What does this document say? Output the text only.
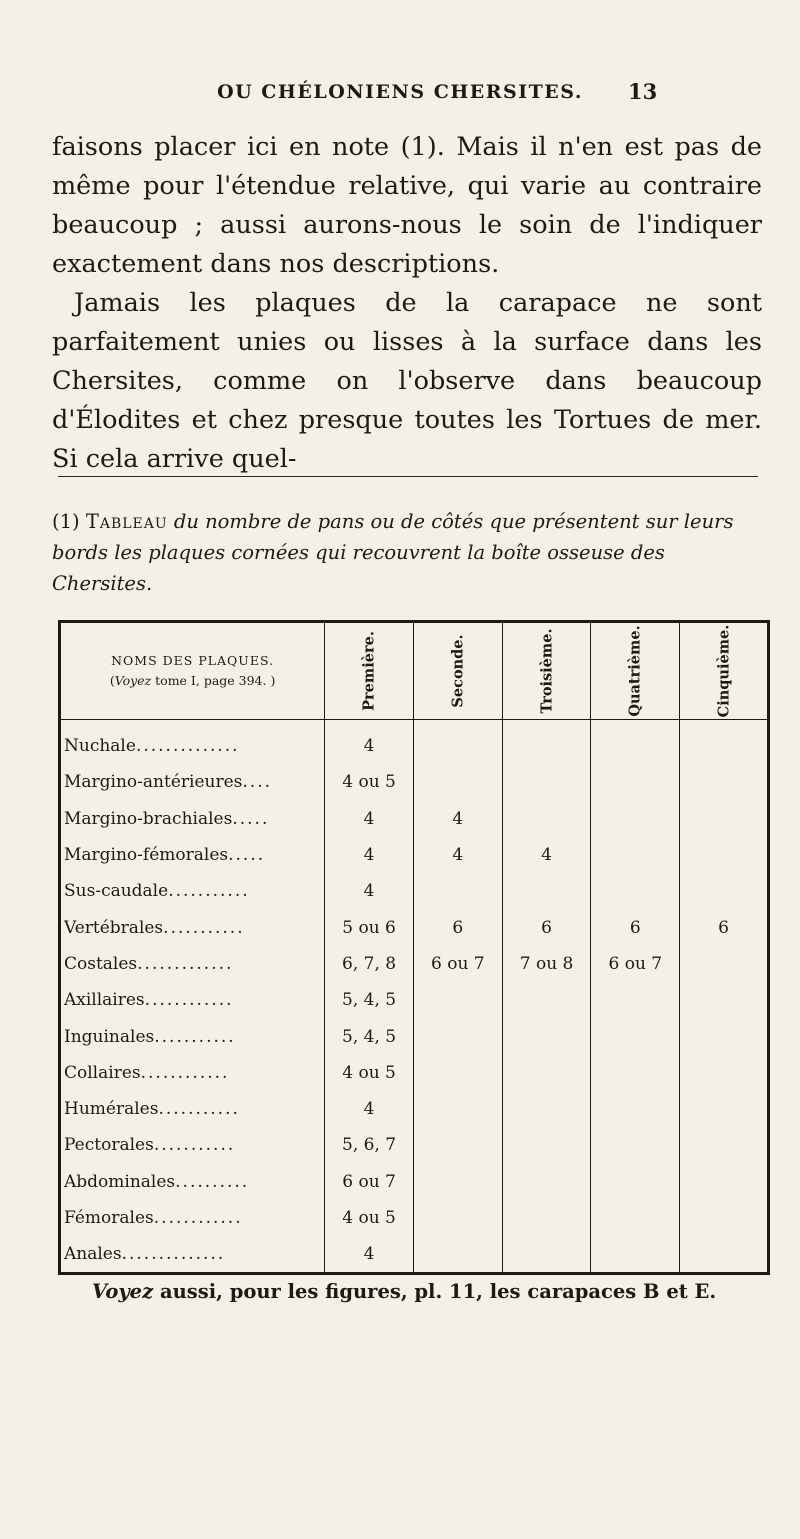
OU CHÉLONIENS CHERSITES.	13

faisons placer ici en note (1). Mais il n'en est pas de même pour l'étendue relative, qui varie au contraire beaucoup ; aussi aurons-nous le soin de l'indiquer exactement dans nos descriptions.

Jamais les plaques de la carapace ne sont parfaitement unies ou lisses à la surface dans les Chersites, comme on l'observe dans beaucoup d'Élodites et chez presque toutes les Tortues de mer. Si cela arrive quel-

(1) Tableau du nombre de pans ou de côtés que présentent sur leurs bords les plaques cornées qui recouvrent la boîte osseuse des Chersites.
NOMS DES PLAQUES.
(Voyez tome I, page 394. )	Première.	Seconde.	Troisième.	Quatrième.	Cinquième.

Nuchale..............	4				
Margino-antérieures....	4 ou 5				
Margino-brachiales.....	4	4			
Margino-fémorales.....	4	4	4		
Sus-caudale...........	4				
Vertébrales...........	5 ou 6	6	6	6	6
Costales.............	6, 7, 8	6 ou 7	7 ou 8	6 ou 7	
Axillaires............	5, 4, 5				
Inguinales...........	5, 4, 5				
Collaires............	4 ou 5				
Humérales...........	4				
Pectorales...........	5, 6, 7				
Abdominales..........	6 ou 7				
Fémorales............	4 ou 5				
Anales..............	4				
Voyez aussi, pour les figures, pl. 11, les carapaces B et E.
